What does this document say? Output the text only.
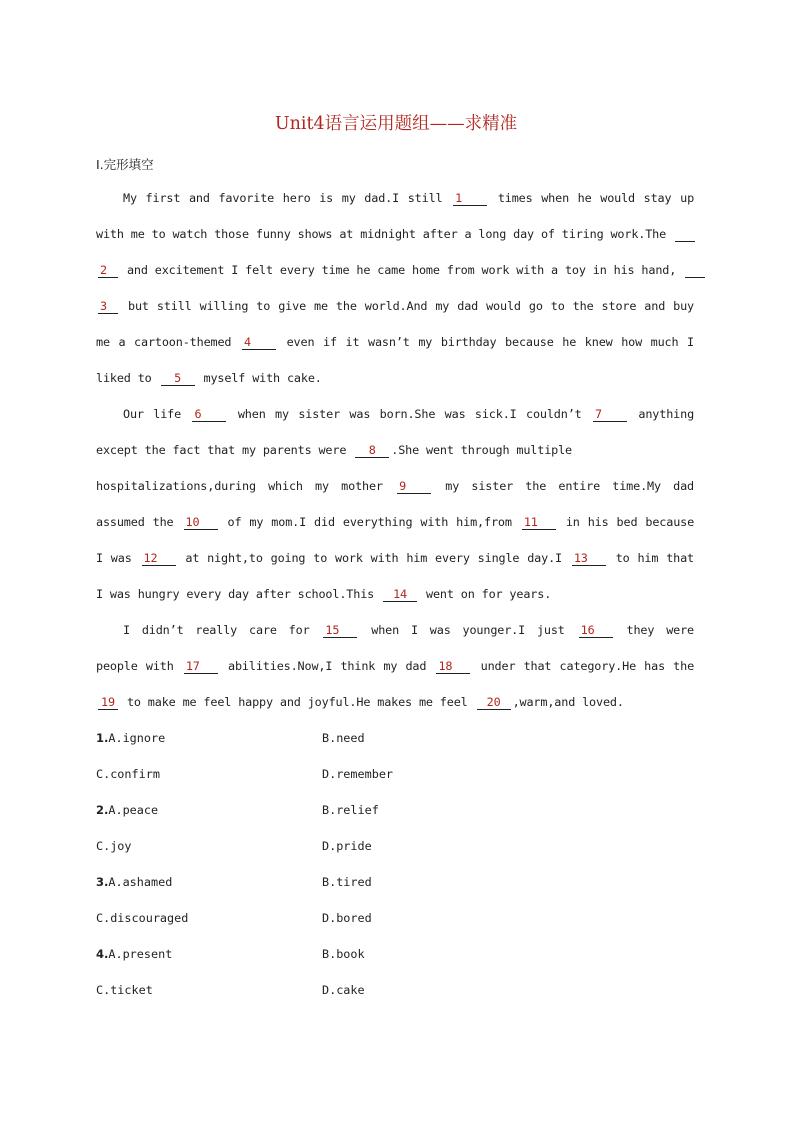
Unit4语言运用题组——求精准
Ⅰ.完形填空
My first and favorite hero is my dad.I still 1	times when he would stay up
with me to watch those funny shows at midnight after a long day of tiring work.The
2 and excitement I felt every time he came home from work with a toy in his hand,
3 but still willing to give me the world.And my dad would go to the store and buy
me a cartoon-themed 4	even if it wasn’t my birthday because he knew how much I
liked to 5 myself with cake.
Our life 6	when my sister was born.She was sick.I couldn’t 7	anything
except the fact that my parents were 8 .She went through multiple
hospitalizations,during which my mother 9	my sister the entire time.My dad
assumed the 10 of my mom.I did everything with him,from 11 in his bed because
I was 12 at night,to going to work with him every single day.I 13 to him that
I was hungry every day after school.This 14 went on for years.
I didn’t really care for 15	when I was younger.I just 16	they were
people with 17 abilities.Now,I think my dad 18 under that category.He has the
19 to make me feel happy and joyful.He makes me feel 20 ,warm,and loved.
1.A.ignore	B.need
C.confirm	D.remember
2.A.peace	B.relief
C.joy	D.pride
3.A.ashamed	B.tired
C.discouraged	D.bored
4.A.present	B.book
C.ticket	D.cake
